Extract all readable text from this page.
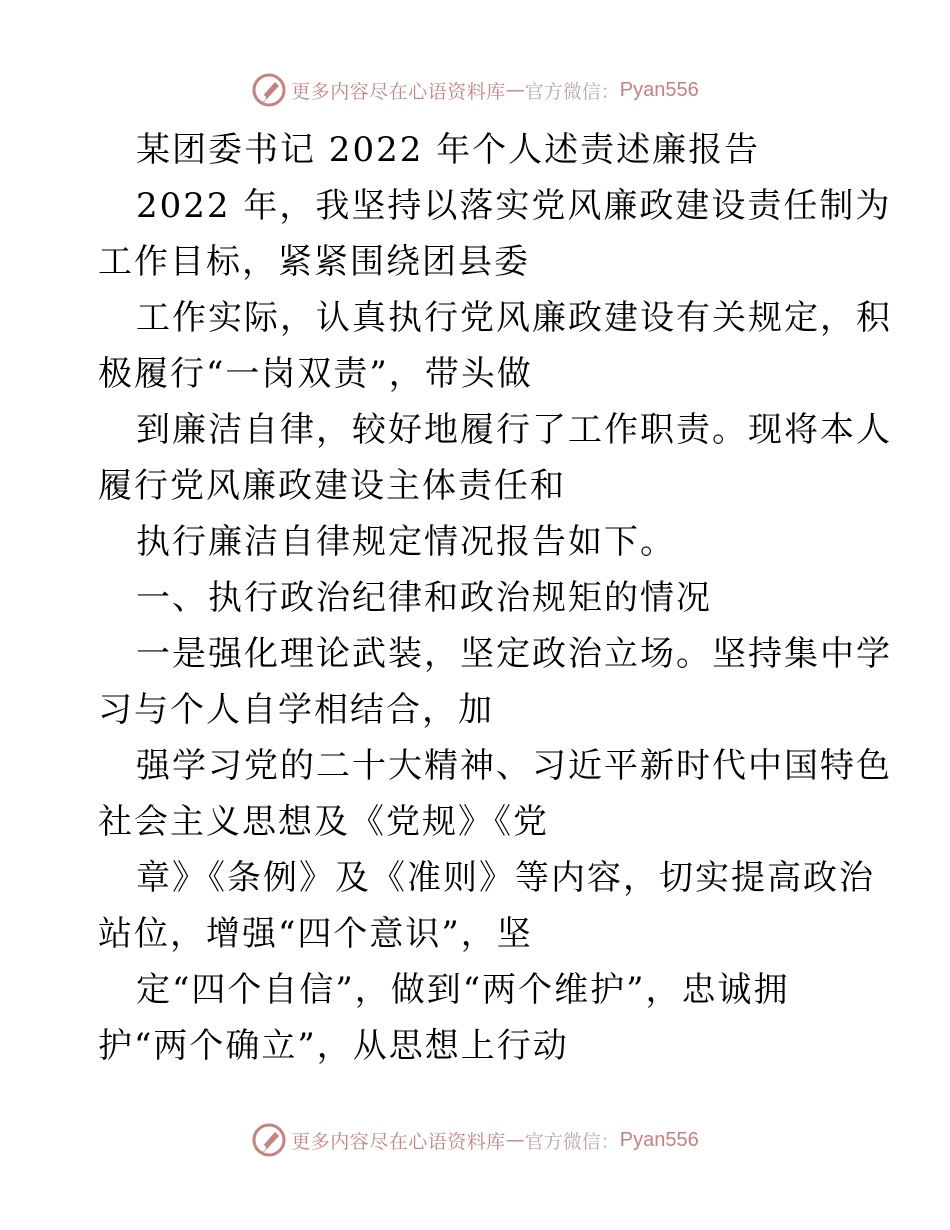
更多内容尽在心语资料库 — 官方微信： Pyan556
某团委书记 2022 年个人述责述廉报告
2022 年，我坚持以落实党风廉政建设责任制为
工作目标，紧紧围绕团县委
工作实际，认真执行党风廉政建设有关规定，积
极履行“一岗双责”，带头做
到廉洁自律，较好地履行了工作职责。现将本人
履行党风廉政建设主体责任和
执行廉洁自律规定情况报告如下。
一、执行政治纪律和政治规矩的情况
一是强化理论武装，坚定政治立场。坚持集中学
习与个人自学相结合，加
强学习党的二十大精神、习近平新时代中国特色
社会主义思想及《党规》《党
章》《条例》及《准则》等内容，切实提高政治
站位，增强“四个意识”，坚
定“四个自信”，做到“两个维护”，忠诚拥
护“两个确立”，从思想上行动
更多内容尽在心语资料库 — 官方微信： Pyan556
